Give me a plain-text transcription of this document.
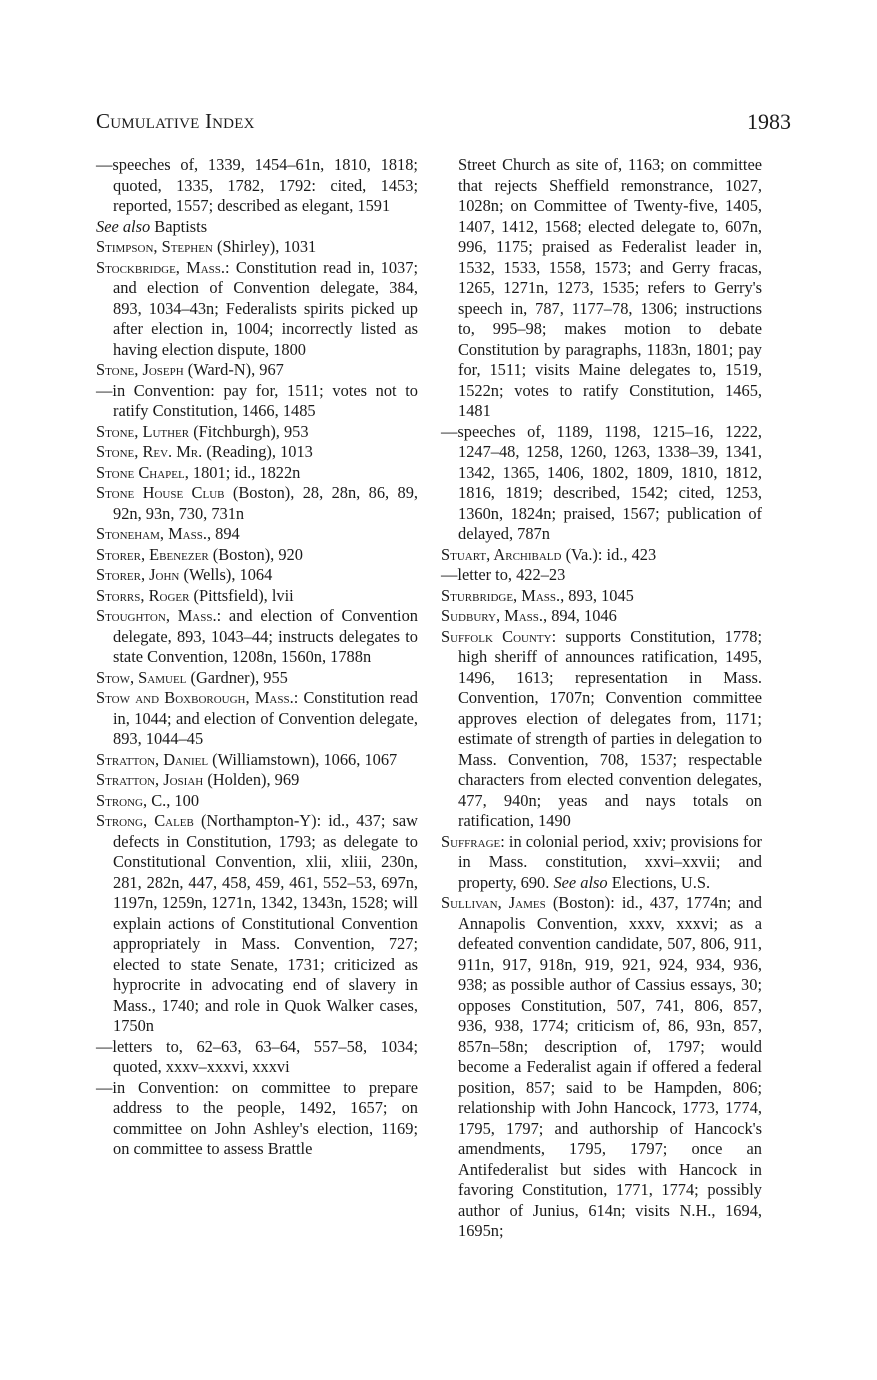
Cumulative Index	1983

—speeches of, 1339, 1454–61n, 1810, 1818; quoted, 1335, 1782, 1792: cited, 1453; reported, 1557; described as elegant, 1591

See also Baptists

Stimpson, Stephen (Shirley), 1031

Stockbridge, Mass.: Constitution read in, 1037; and election of Convention delegate, 384, 893, 1034–43n; Federalists spirits picked up after election in, 1004; incorrectly listed as having election dispute, 1800

Stone, Joseph (Ward-N), 967

—in Convention: pay for, 1511; votes not to ratify Constitution, 1466, 1485

Stone, Luther (Fitchburgh), 953

Stone, Rev. Mr. (Reading), 1013

Stone Chapel, 1801; id., 1822n

Stone House Club (Boston), 28, 28n, 86, 89, 92n, 93n, 730, 731n

Stoneham, Mass., 894

Storer, Ebenezer (Boston), 920

Storer, John (Wells), 1064

Storrs, Roger (Pittsfield), lvii

Stoughton, Mass.: and election of Convention delegate, 893, 1043–44; instructs delegates to state Convention, 1208n, 1560n, 1788n

Stow, Samuel (Gardner), 955

Stow and Boxborough, Mass.: Constitution read in, 1044; and election of Convention delegate, 893, 1044–45

Stratton, Daniel (Williamstown), 1066, 1067

Stratton, Josiah (Holden), 969

Strong, C., 100

Strong, Caleb (Northampton-Y): id., 437; saw defects in Constitution, 1793; as delegate to Constitutional Convention, xlii, xliii, 230n, 281, 282n, 447, 458, 459, 461, 552–53, 697n, 1197n, 1259n, 1271n, 1342, 1343n, 1528; will explain actions of Constitutional Convention appropriately in Mass. Convention, 727; elected to state Senate, 1731; criticized as hyprocrite in advocating end of slavery in Mass., 1740; and role in Quok Walker cases, 1750n

—letters to, 62–63, 63–64, 557–58, 1034; quoted, xxxv–xxxvi, xxxvi

—in Convention: on committee to prepare address to the people, 1492, 1657; on committee on John Ashley's election, 1169; on committee to assess Brattle

Street Church as site of, 1163; on committee that rejects Sheffield remonstrance, 1027, 1028n; on Committee of Twenty-five, 1405, 1407, 1412, 1568; elected delegate to, 607n, 996, 1175; praised as Federalist leader in, 1532, 1533, 1558, 1573; and Gerry fracas, 1265, 1271n, 1273, 1535; refers to Gerry's speech in, 787, 1177–78, 1306; instructions to, 995–98; makes motion to debate Constitution by paragraphs, 1183n, 1801; pay for, 1511; visits Maine delegates to, 1519, 1522n; votes to ratify Constitution, 1465, 1481

—speeches of, 1189, 1198, 1215–16, 1222, 1247–48, 1258, 1260, 1263, 1338–39, 1341, 1342, 1365, 1406, 1802, 1809, 1810, 1812, 1816, 1819; described, 1542; cited, 1253, 1360n, 1824n; praised, 1567; publication of delayed, 787n

Stuart, Archibald (Va.): id., 423

—letter to, 422–23

Sturbridge, Mass., 893, 1045

Sudbury, Mass., 894, 1046

Suffolk County: supports Constitution, 1778; high sheriff of announces ratification, 1495, 1496, 1613; representation in Mass. Convention, 1707n; Convention committee approves election of delegates from, 1171; estimate of strength of parties in delegation to Mass. Convention, 708, 1537; respectable characters from elected convention delegates, 477, 940n; yeas and nays totals on ratification, 1490

Suffrage: in colonial period, xxiv; provisions for in Mass. constitution, xxvi–xxvii; and property, 690. See also Elections, U.S.

Sullivan, James (Boston): id., 437, 1774n; and Annapolis Convention, xxxv, xxxvi; as a defeated convention candidate, 507, 806, 911, 911n, 917, 918n, 919, 921, 924, 934, 936, 938; as possible author of Cassius essays, 30; opposes Constitution, 507, 741, 806, 857, 936, 938, 1774; criticism of, 86, 93n, 857, 857n–58n; description of, 1797; would become a Federalist again if offered a federal position, 857; said to be Hampden, 806; relationship with John Hancock, 1773, 1774, 1795, 1797; and authorship of Hancock's amendments, 1795, 1797; once an Antifederalist but sides with Hancock in favoring Constitution, 1771, 1774; possibly author of Junius, 614n; visits N.H., 1694, 1695n;
